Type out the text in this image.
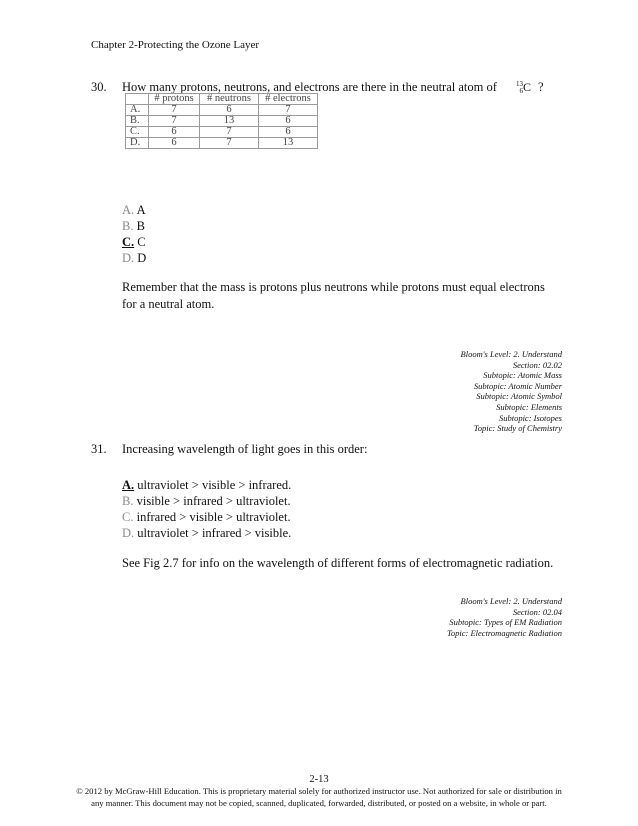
Chapter 2-Protecting the Ozone Layer
30. How many protons, neutrons, and electrons are there in the neutral atom of	13
6 C ?
	# protons	# neutrons	# electrons
A.	7	6	7
B.	7	13	6
C.	6	7	6
D.	6	7	13
A. A
B. B
C. C
D. D
Remember that the mass is protons plus neutrons while protons must equal electrons
for a neutral atom.
Bloom's Level: 2. Understand
Section: 02.02
Subtopic: Atomic Mass
Subtopic: Atomic Number
Subtopic: Atomic Symbol
Subtopic: Elements
Subtopic: Isotopes
Topic: Study of Chemistry
31. Increasing wavelength of light goes in this order:
A. ultraviolet > visible > infrared.
B. visible > infrared > ultraviolet.
C. infrared > visible > ultraviolet.
D. ultraviolet > infrared > visible.
See Fig 2.7 for info on the wavelength of different forms of electromagnetic radiation.
Bloom's Level: 2. Understand
Section: 02.04
Subtopic: Types of EM Radiation
Topic: Electromagnetic Radiation
2-13
© 2012 by McGraw-Hill Education. This is proprietary material solely for authorized instructor use. Not authorized for sale or distribution in
any manner. This document may not be copied, scanned, duplicated, forwarded, distributed, or posted on a website, in whole or part.
